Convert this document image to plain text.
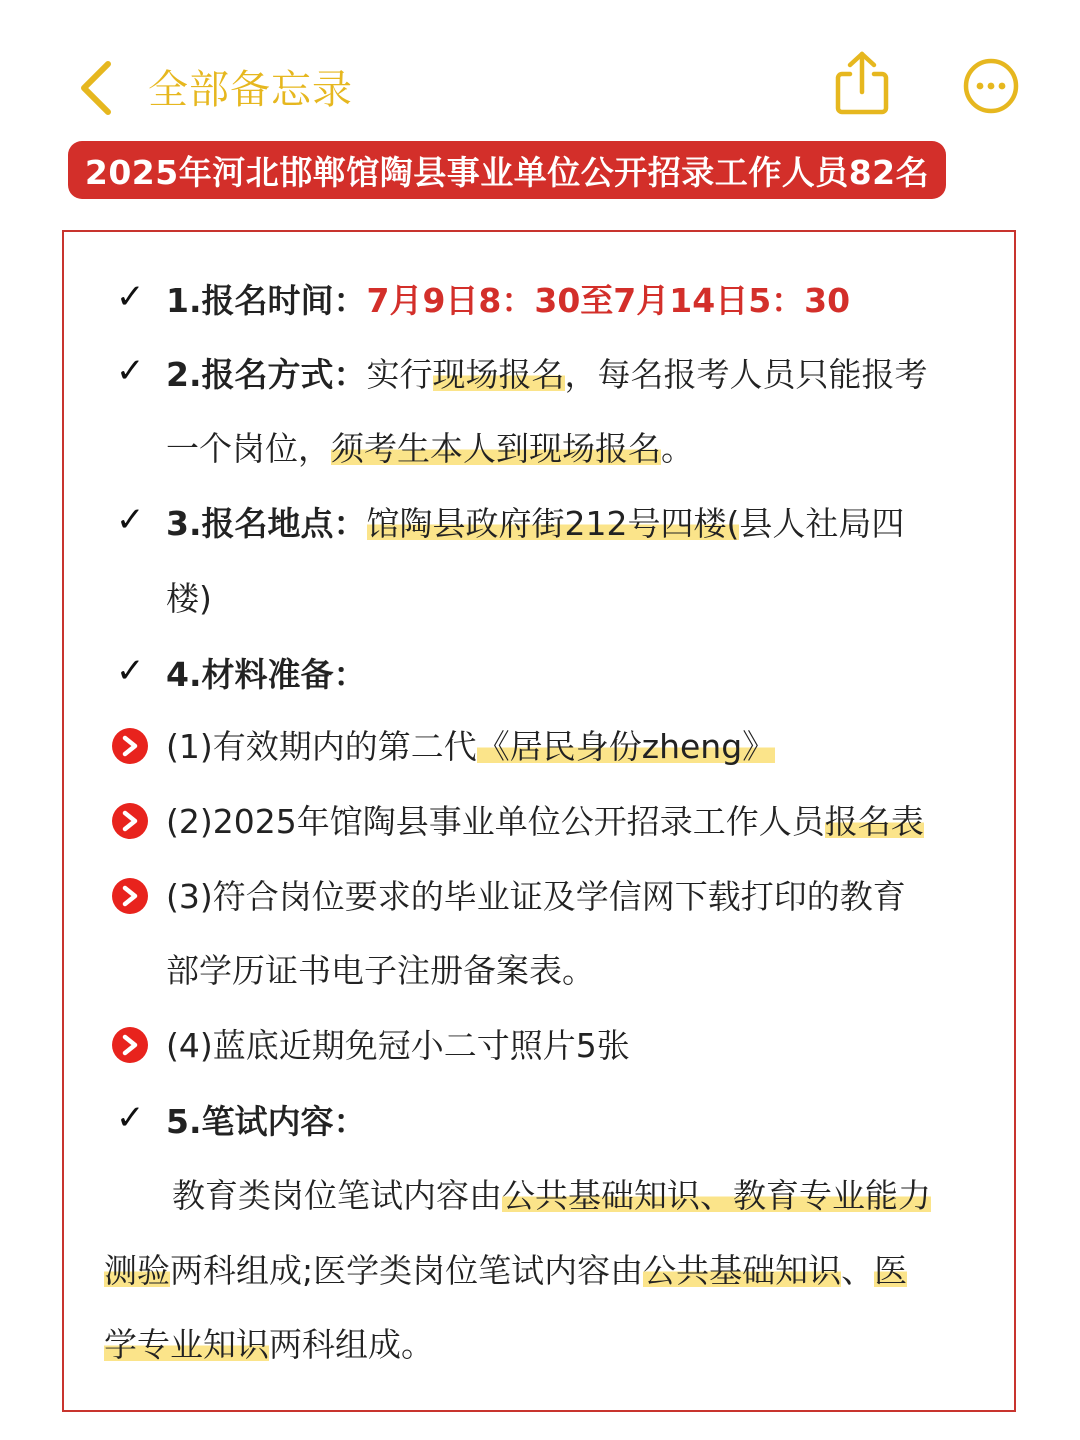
全部备忘录
2025年河北邯郸馆陶县事业单位公开招录工作人员82名
✓ 1.报名时间：7月9日8：30至7月14日5：30
✓ 2.报名方式：实行现场报名，每名报考人员只能报考
一个岗位，须考生本人到现场报名。
✓ 3.报名地点：馆陶县政府街212号四楼(县人社局四
楼)
✓ 4.材料准备：
(1)有效期内的第二代《居民身份zheng》
(2)2025年馆陶县事业单位公开招录工作人员报名表
(3)符合岗位要求的毕业证及学信网下载打印的教育
部学历证书电子注册备案表。
(4)蓝底近期免冠小二寸照片5张
✓ 5.笔试内容：
教育类岗位笔试内容由公共基础知识、教育专业能力
测验两科组成;医学类岗位笔试内容由公共基础知识、医
学专业知识两科组成。
